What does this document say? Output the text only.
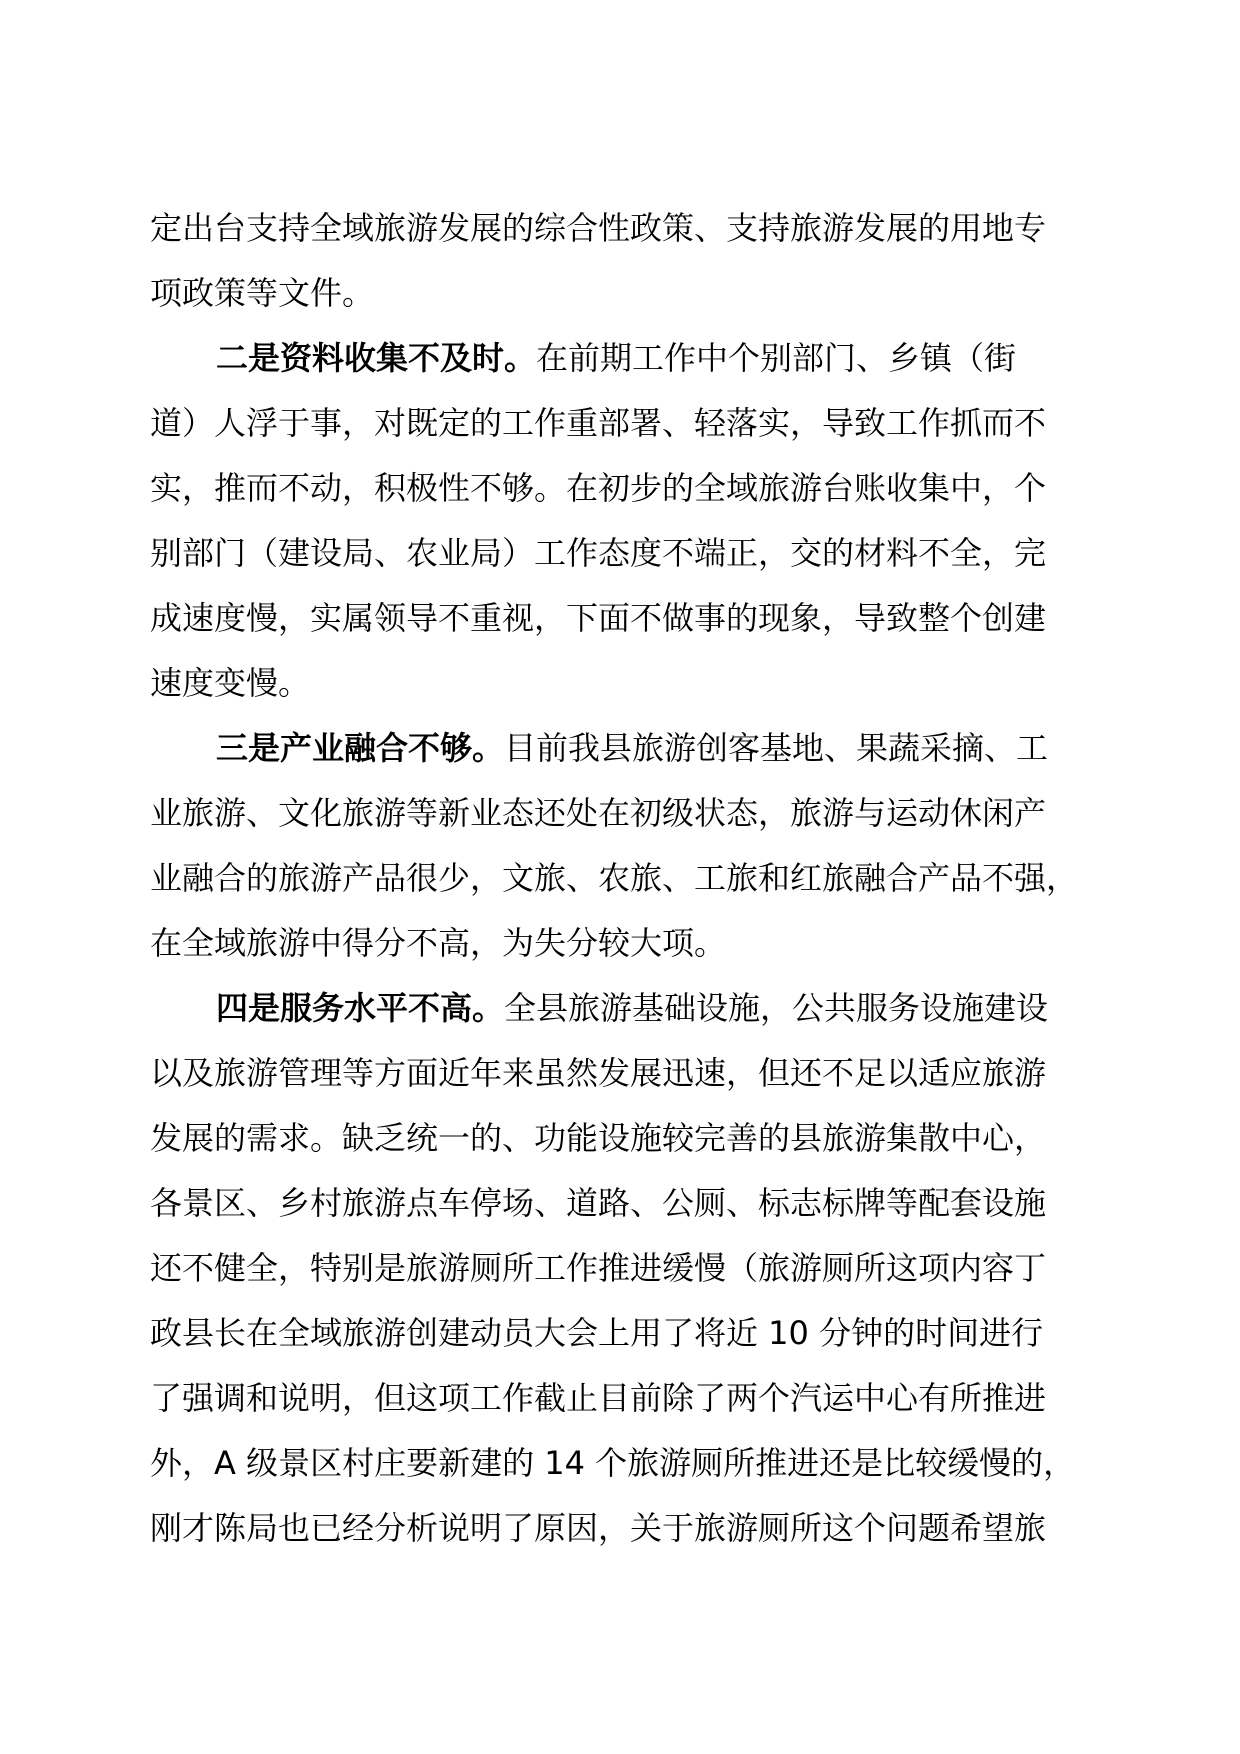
定出台支持全域旅游发展的综合性政策、支持旅游发展的用地专
项政策等文件。
二是资料收集不及时。在前期工作中个别部门、乡镇（街
道）人浮于事，对既定的工作重部署、轻落实，导致工作抓而不
实，推而不动，积极性不够。在初步的全域旅游台账收集中，个
别部门（建设局、农业局）工作态度不端正，交的材料不全，完
成速度慢，实属领导不重视，下面不做事的现象，导致整个创建
速度变慢。
三是产业融合不够。目前我县旅游创客基地、果蔬采摘、工
业旅游、文化旅游等新业态还处在初级状态，旅游与运动休闲产
业融合的旅游产品很少，文旅、农旅、工旅和红旅融合产品不强，
在全域旅游中得分不高，为失分较大项。
四是服务水平不高。全县旅游基础设施，公共服务设施建设
以及旅游管理等方面近年来虽然发展迅速，但还不足以适应旅游
发展的需求。缺乏统一的、功能设施较完善的县旅游集散中心，
各景区、乡村旅游点车停场、道路、公厕、标志标牌等配套设施
还不健全，特别是旅游厕所工作推进缓慢（旅游厕所这项内容丁
政县长在全域旅游创建动员大会上用了将近 10 分钟的时间进行
了强调和说明，但这项工作截止目前除了两个汽运中心有所推进
外，A 级景区村庄要新建的 14 个旅游厕所推进还是比较缓慢的，
刚才陈局也已经分析说明了原因，关于旅游厕所这个问题希望旅
